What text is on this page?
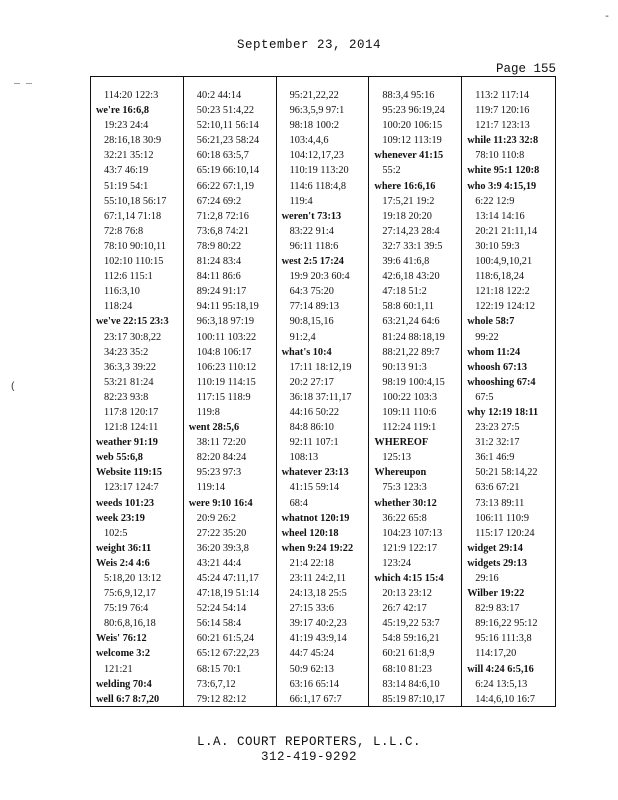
September 23, 2014
Page 155
_ _
-
(
114:20 122:3
we're 16:6,8
19:23 24:4
28:16,18 30:9
32:21 35:12
43:7 46:19
51:19 54:1
55:10,18 56:17
67:1,14 71:18
72:8 76:8
78:10 90:10,11
102:10 110:15
112:6 115:1
116:3,10
118:24
we've 22:15 23:3
23:17 30:8,22
34:23 35:2
36:3,3 39:22
53:21 81:24
82:23 93:8
117:8 120:17
121:8 124:11
weather 91:19
web 55:6,8
Website 119:15
123:17 124:7
weeds 101:23
week 23:19
102:5
weight 36:11
Weis 2:4 4:6
5:18,20 13:12
75:6,9,12,17
75:19 76:4
80:6,8,16,18
Weis' 76:12
welcome 3:2
121:21
welding 70:4
well 6:7 8:7,20
40:2 44:14
50:23 51:4,22
52:10,11 56:14
56:21,23 58:24
60:18 63:5,7
65:19 66:10,14
66:22 67:1,19
67:24 69:2
71:2,8 72:16
73:6,8 74:21
78:9 80:22
81:24 83:4
84:11 86:6
89:24 91:17
94:11 95:18,19
96:3,18 97:19
100:11 103:22
104:8 106:17
106:23 110:12
110:19 114:15
117:15 118:9
119:8
went 28:5,6
38:11 72:20
82:20 84:24
95:23 97:3
119:14
were 9:10 16:4
20:9 26:2
27:22 35:20
36:20 39:3,8
43:21 44:4
45:24 47:11,17
47:18,19 51:14
52:24 54:14
56:14 58:4
60:21 61:5,24
65:12 67:22,23
68:15 70:1
73:6,7,12
79:12 82:12
95:21,22,22
96:3,5,9 97:1
98:18 100:2
103:4,4,6
104:12,17,23
110:19 113:20
114:6 118:4,8
119:4
weren't 73:13
83:22 91:4
96:11 118:6
west 2:5 17:24
19:9 20:3 60:4
64:3 75:20
77:14 89:13
90:8,15,16
91:2,4
what's 10:4
17:11 18:12,19
20:2 27:17
36:18 37:11,17
44:16 50:22
84:8 86:10
92:11 107:1
108:13
whatever 23:13
41:15 59:14
68:4
whatnot 120:19
wheel 120:18
when 9:24 19:22
21:4 22:18
23:11 24:2,11
24:13,18 25:5
27:15 33:6
39:17 40:2,23
41:19 43:9,14
44:7 45:24
50:9 62:13
63:16 65:14
66:1,17 67:7
88:3,4 95:16
95:23 96:19,24
100:20 106:15
109:12 113:19
whenever 41:15
55:2
where 16:6,16
17:5,21 19:2
19:18 20:20
27:14,23 28:4
32:7 33:1 39:5
39:6 41:6,8
42:6,18 43:20
47:18 51:2
58:8 60:1,11
63:21,24 64:6
81:24 88:18,19
88:21,22 89:7
90:13 91:3
98:19 100:4,15
100:22 103:3
109:11 110:6
112:24 119:1
WHEREOF
125:13
Whereupon
75:3 123:3
whether 30:12
36:22 65:8
104:23 107:13
121:9 122:17
123:24
which 4:15 15:4
20:13 23:12
26:7 42:17
45:19,22 53:7
54:8 59:16,21
60:21 61:8,9
68:10 81:23
83:14 84:6,10
85:19 87:10,17
113:2 117:14
119:7 120:16
121:7 123:13
while 11:23 32:8
78:10 110:8
white 95:1 120:8
who 3:9 4:15,19
6:22 12:9
13:14 14:16
20:21 21:11,14
30:10 59:3
100:4,9,10,21
118:6,18,24
121:18 122:2
122:19 124:12
whole 58:7
99:22
whom 11:24
whoosh 67:13
whooshing 67:4
67:5
why 12:19 18:11
23:23 27:5
31:2 32:17
36:1 46:9
50:21 58:14,22
63:6 67:21
73:13 89:11
106:11 110:9
115:17 120:24
widget 29:14
widgets 29:13
29:16
Wilber 19:22
82:9 83:17
89:16,22 95:12
95:16 111:3,8
114:17,20
will 4:24 6:5,16
6:24 13:5,13
14:4,6,10 16:7
L.A. COURT REPORTERS, L.L.C.
312-419-9292
